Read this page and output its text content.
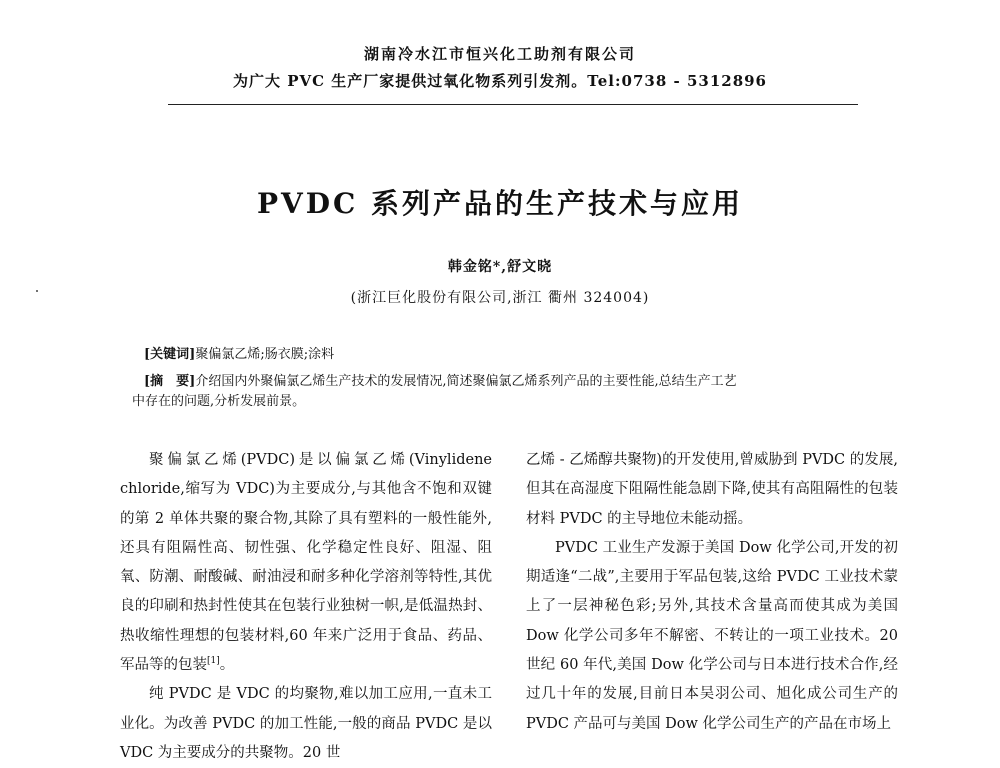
湖南冷水江市恒兴化工助剂有限公司
为广大 PVC 生产厂家提供过氧化物系列引发剂。Tel:0738 - 5312896
PVDC 系列产品的生产技术与应用
韩金铭*,舒文晓
(浙江巨化股份有限公司,浙江 衢州 324004)
[关键词]聚偏氯乙烯;肠衣膜;涂料
[摘　要]介绍国内外聚偏氯乙烯生产技术的发展情况,简述聚偏氯乙烯系列产品的主要性能,总结生产工艺
中存在的问题,分析发展前景。

聚偏氯乙烯(PVDC)是以偏氯乙烯(Vinylidene chloride,缩写为 VDC)为主要成分,与其他含不饱和双键的第 2 单体共聚的聚合物,其除了具有塑料的一般性能外,还具有阻隔性高、韧性强、化学稳定性良好、阻湿、阻氧、防潮、耐酸碱、耐油浸和耐多种化学溶剂等特性,其优良的印刷和热封性使其在包装行业独树一帜,是低温热封、热收缩性理想的包装材料,60 年来广泛用于食品、药品、军品等的包装[1]。

纯 PVDC 是 VDC 的均聚物,难以加工应用,一直未工业化。为改善 PVDC 的加工性能,一般的商品 PVDC 是以 VDC 为主要成分的共聚物。20 世

乙烯 - 乙烯醇共聚物)的开发使用,曾威胁到 PVDC 的发展,但其在高湿度下阻隔性能急剧下降,使其有高阻隔性的包装材料 PVDC 的主导地位未能动摇。

PVDC 工业生产发源于美国 Dow 化学公司,开发的初期适逢“二战”,主要用于军品包装,这给 PVDC 工业技术蒙上了一层神秘色彩;另外,其技术含量高而使其成为美国 Dow 化学公司多年不解密、不转让的一项工业技术。20 世纪 60 年代,美国 Dow 化学公司与日本进行技术合作,经过几十年的发展,目前日本吴羽公司、旭化成公司生产的 PVDC 产品可与美国 Dow 化学公司生产的产品在市场上
